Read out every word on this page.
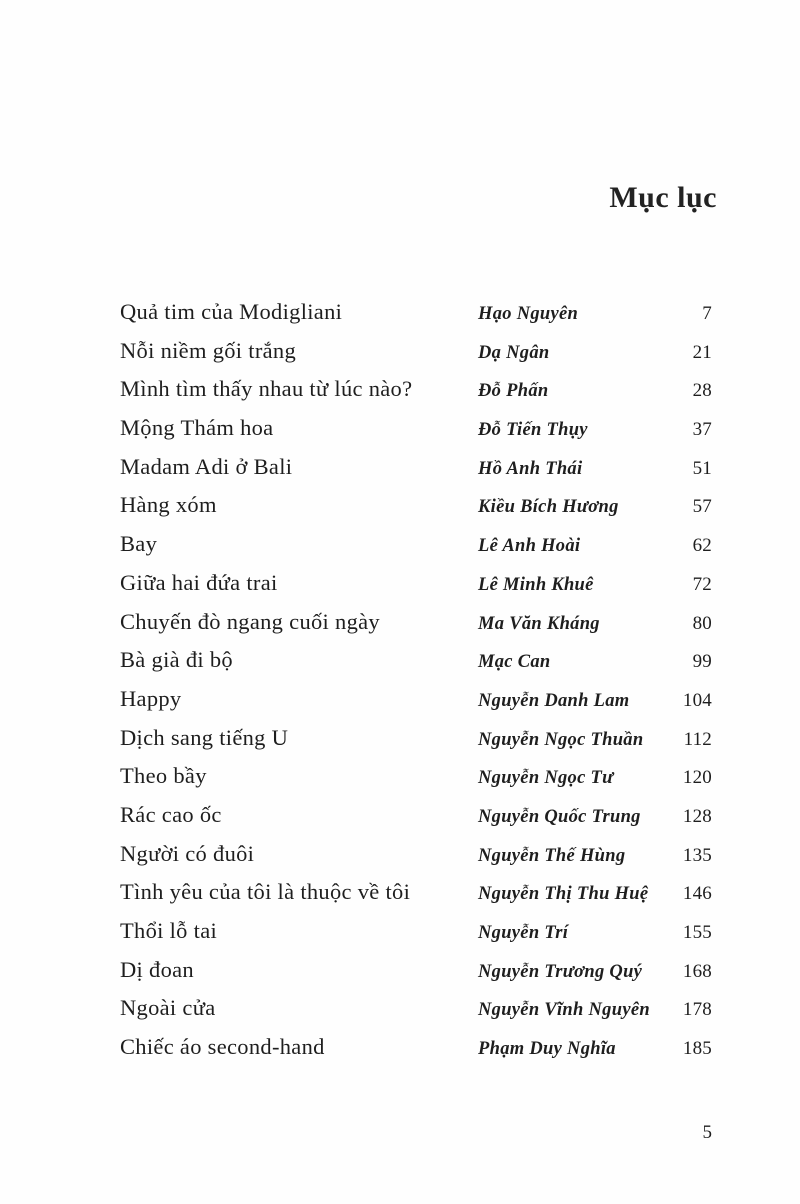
Mục lục
Quả tim của Modigliani	Hạo Nguyên	7
Nỗi niềm gối trắng	Dạ Ngân	21
Mình tìm thấy nhau từ lúc nào?	Đỗ Phấn	28
Mộng Thám hoa	Đỗ Tiến Thụy	37
Madam Adi ở Bali	Hồ Anh Thái	51
Hàng xóm	Kiều Bích Hương	57
Bay	Lê Anh Hoài	62
Giữa hai đứa trai	Lê Minh Khuê	72
Chuyến đò ngang cuối ngày	Ma Văn Kháng	80
Bà già đi bộ	Mạc Can	99
Happy	Nguyễn Danh Lam	104
Dịch sang tiếng U	Nguyễn Ngọc Thuần	112
Theo bầy	Nguyễn Ngọc Tư	120
Rác cao ốc	Nguyễn Quốc Trung	128
Người có đuôi	Nguyễn Thế Hùng	135
Tình yêu của tôi là thuộc về tôi	Nguyễn Thị Thu Huệ	146
Thổi lỗ tai	Nguyễn Trí	155
Dị đoan	Nguyễn Trương Quý	168
Ngoài cửa	Nguyễn Vĩnh Nguyên	178
Chiếc áo second-hand	Phạm Duy Nghĩa	185
5
